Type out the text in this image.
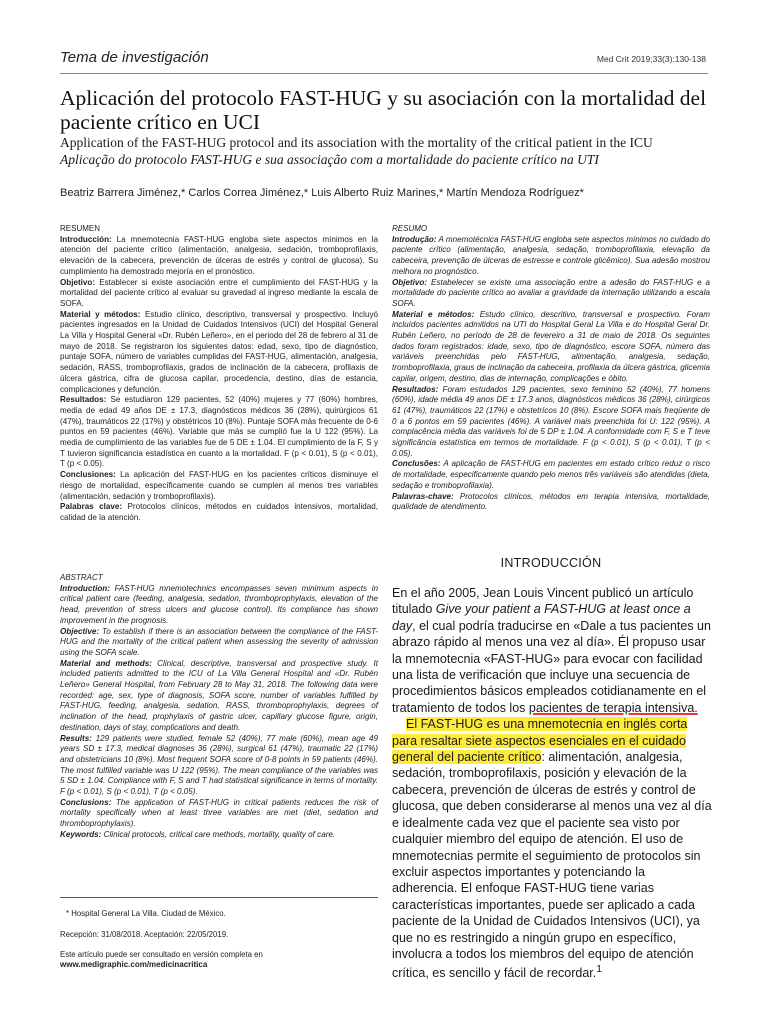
Tema de investigación	Med Crit 2019;33(3):130-138
Aplicación del protocolo FAST-HUG y su asociación con la mortalidad del paciente crítico en UCI
Application of the FAST-HUG protocol and its association with the mortality of the critical patient in the ICU
Aplicação do protocolo FAST-HUG e sua associação com a mortalidade do paciente crítico na UTI
Beatriz Barrera Jiménez,* Carlos Correa Jiménez,* Luis Alberto Ruiz Marines,* Martín Mendoza Rodríguez*

RESUMEN

Introducción: La mnemotecnia FAST-HUG engloba siete aspectos mínimos en la atención del paciente crítico (alimentación, analgesia, sedación, tromboprofilaxis, elevación de la cabecera, prevención de úlceras de estrés y control de glucosa). Su cumplimiento ha demostrado mejoría en el pronóstico.

Objetivo: Establecer si existe asociación entre el cumplimiento del FAST-HUG y la mortalidad del paciente crítico al evaluar su gravedad al ingreso mediante la escala de SOFA.

Material y métodos: Estudio clínico, descriptivo, transversal y prospectivo. Incluyó pacientes ingresados en la Unidad de Cuidados Intensivos (UCI) del Hospital General La Villa y Hospital General «Dr. Rubén Leñero», en el periodo del 28 de febrero al 31 de mayo de 2018. Se registraron los siguientes datos: edad, sexo, tipo de diagnóstico, puntaje SOFA, número de variables cumplidas del FAST-HUG, alimentación, analgesia, sedación, RASS, tromboprofilaxis, grados de inclinación de la cabecera, profilaxis de úlcera gástrica, cifra de glucosa capilar, procedencia, destino, días de estancia, complicaciones y defunción.

Resultados: Se estudiaron 129 pacientes, 52 (40%) mujeres y 77 (60%) hombres, media de edad 49 años DE ± 17.3, diagnósticos médicos 36 (28%), quirúrgicos 61 (47%), traumáticos 22 (17%) y obstétricos 10 (8%). Puntaje SOFA más frecuente de 0-6 puntos en 59 pacientes (46%). Variable que más se cumplió fue la U 122 (95%). La media de cumplimiento de las variables fue de 5 DE ± 1.04. El cumplimiento de la F, S y T tuvieron significancia estadística en cuanto a la mortalidad. F (p < 0.01), S (p < 0.01), T (p < 0.05).

Conclusiones: La aplicación del FAST-HUG en los pacientes críticos disminuye el riesgo de mortalidad, específicamente cuando se cumplen al menos tres variables (alimentación, sedación y tromboprofilaxis).

Palabras clave: Protocolos clínicos, métodos en cuidados intensivos, mortalidad, calidad de la atención.

ABSTRACT

Introduction: FAST-HUG mnemotechnics encompasses seven minimum aspects in critical patient care (feeding, analgesia, sedation, thromboprophylaxis, elevation of the head, prevention of stress ulcers and glucose control). Its compliance has shown improvement in the prognosis.

Objective: To establish if there is an association between the compliance of the FAST-HUG and the mortality of the critical patient when assessing the severity of admission using the SOFA scale.

Material and methods: Clinical, descriptive, transversal and prospective study. It included patients admitted to the ICU of La Villa General Hospital and «Dr. Rubén Leñero» General Hospital, from February 28 to May 31, 2018. The following data were recorded: age, sex, type of diagnosis, SOFA score, number of variables fulfilled by FAST-HUG, feeding, analgesia, sedation, RASS, thromboprophylaxis, degrees of inclination of the head, prophylaxis of gastric ulcer, capillary glucose figure, origin, destination, days of stay, complications and death.

Results: 129 patients were studied, female 52 (40%), 77 male (60%), mean age 49 years SD ± 17.3, medical diagnoses 36 (28%), surgical 61 (47%), traumatic 22 (17%) and obstetricians 10 (8%). Most frequent SOFA score of 0-8 points in 59 patients (46%). The most fulfilled variable was U 122 (95%). The mean compliance of the variables was 5 SD ± 1.04. Compliance with F, S and T had statistical significance in terms of mortality. F (p < 0.01), S (p < 0.01), T (p < 0.05).

Conclusions: The application of FAST-HUG in critical patients reduces the risk of mortality specifically when at least three variables are met (diet, sedation and thromboprophylaxis).

Keywords: Clinical protocols, critical care methods, mortality, quality of care.

RESUMO

Introdução: A mnemotécnica FAST-HUG engloba sete aspectos mínimos no cuidado do paciente crítico (alimentação, analgesia, sedação, tromboprofilaxia, elevação da cabeceira, prevenção de úlceras de estresse e controle glicêmico). Sua adesão mostrou melhora no prognóstico.

Objetivo: Estabelecer se existe uma associação entre a adesão do FAST-HUG e a mortalidade do paciente crítico ao avaliar a gravidade da internação utilizando a escala SOFA.

Material e métodos: Estudo clínico, descritivo, transversal e prospectivo. Foram incluídos pacientes admitidos na UTI do Hospital Geral La Villa e do Hospital Geral Dr. Rubén Leñero, no período de 28 de fevereiro a 31 de maio de 2018. Os seguintes dados foram registrados: idade, sexo, tipo de diagnóstico, escore SOFA, número das variáveis preenchidas pelo FAST-HUG, alimentação, analgesia, sedação, tromboprofilaxia, graus de inclinação da cabeceira, profilaxia da úlcera gástrica, glicemia capilar, origem, destino, dias de internação, complicações e óbito.

Resultados: Foram estudados 129 pacientes, sexo feminino 52 (40%), 77 homens (60%), idade média 49 anos DE ± 17.3 anos, diagnósticos médicos 36 (28%), cirúrgicos 61 (47%), traumáticos 22 (17%) e obstetrícos 10 (8%). Escore SOFA mais freqüente de 0 a 6 pontos em 59 pacientes (46%). A variável mais preenchida foi U: 122 (95%). A complacência média das variáveis foi de 5 DP ± 1.04. A conformidade com F, S e T teve significância estatística em termos de mortalidade. F (p < 0.01), S (p < 0.01), T (p < 0.05).

Conclusões: A aplicação de FAST-HUG em pacientes em estado crítico reduz o risco de mortalidade, especificamente quando pelo menos três variáveis são atendidas (dieta, sedação e tromboprofilaxia).

Palavras-chave: Protocolos clínicos, métodos em terapia intensiva, mortalidade, qualidade de atendimento.

INTRODUCCIÓN

En el año 2005, Jean Louis Vincent publicó un artículo titulado Give your patient a FAST-HUG at least once a day, el cual podría traducirse en «Dale a tus pacientes un abrazo rápido al menos una vez al día». Él propuso usar la mnemotecnia «FAST-HUG» para evocar con facilidad una lista de verificación que incluye una secuencia de procedimientos básicos empleados cotidianamente en el tratamiento de todos los pacientes de terapia intensiva.

El FAST-HUG es una mnemotecnia en inglés corta para resaltar siete aspectos esenciales en el cuidado general del paciente crítico: alimentación, analgesia, sedación, tromboprofilaxis, posición y elevación de la cabecera, prevención de úlceras de estrés y control de glucosa, que deben considerarse al menos una vez al día e idealmente cada vez que el paciente sea visto por cualquier miembro del equipo de atención. El uso de mnemotecnias permite el seguimiento de protocolos sin excluir aspectos importantes y potenciando la adherencia. El enfoque FAST-HUG tiene varias características importantes, puede ser aplicado a cada paciente de la Unidad de Cuidados Intensivos (UCI), ya que no es restringido a ningún grupo en específico, involucra a todos los miembros del equipo de atención crítica, es sencillo y fácil de recordar.$^1$

* Hospital General La Villa. Ciudad de México.
Recepción: 31/08/2018. Aceptación: 22/05/2019.
Este artículo puede ser consultado en versión completa en
www.medigraphic.com/medicinacritica
